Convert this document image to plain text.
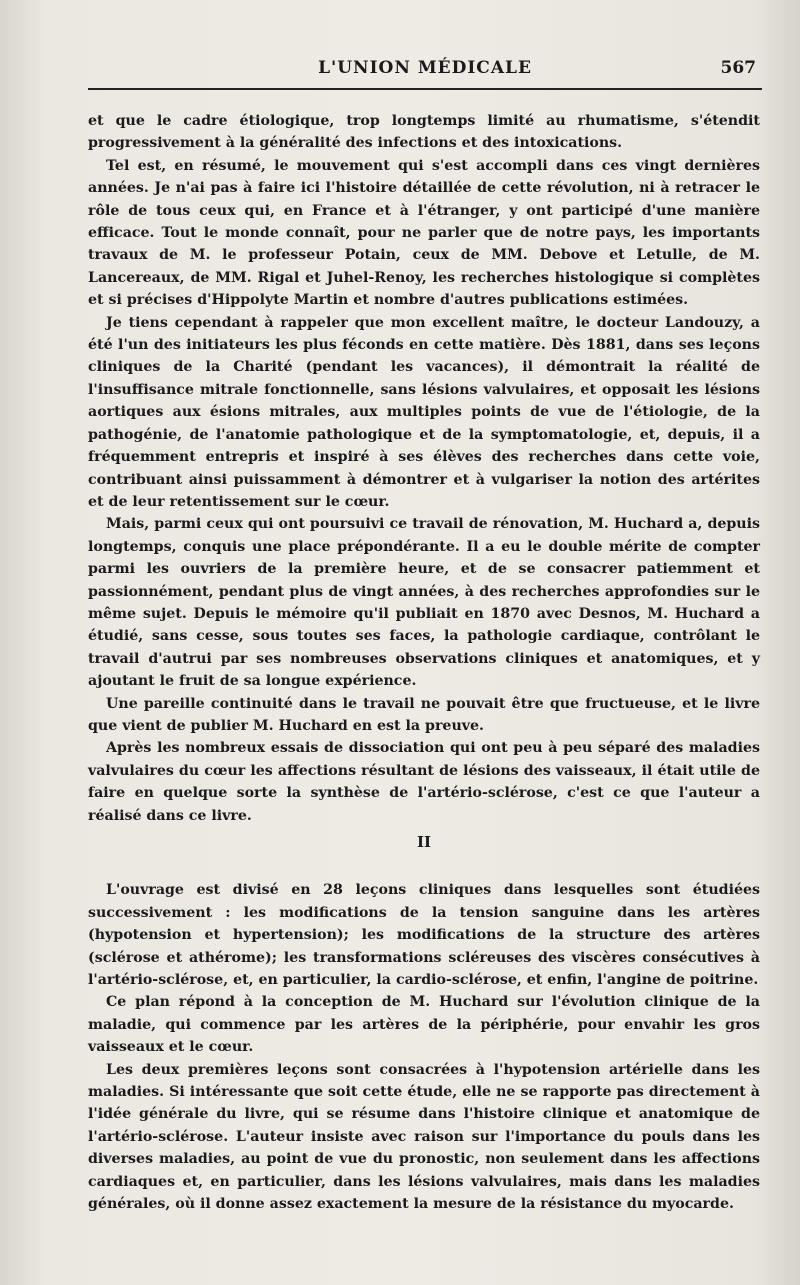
L'UNION MÉDICALE	567

et que le cadre étiologique, trop longtemps limité au rhumatisme, s'étendit progressivement à la généralité des infections et des intoxications.

Tel est, en résumé, le mouvement qui s'est accompli dans ces vingt dernières années. Je n'ai pas à faire ici l'histoire détaillée de cette révolution, ni à retracer le rôle de tous ceux qui, en France et à l'étranger, y ont participé d'une manière efficace. Tout le monde connaît, pour ne parler que de notre pays, les importants travaux de M. le professeur Potain, ceux de MM. Debove et Letulle, de M. Lancereaux, de MM. Rigal et Juhel-Renoy, les recherches histologique si complètes et si précises d'Hippolyte Martin et nombre d'autres publications estimées.

Je tiens cependant à rappeler que mon excellent maître, le docteur Landouzy, a été l'un des initiateurs les plus féconds en cette matière. Dès 1881, dans ses leçons cliniques de la Charité (pendant les vacances), il démontrait la réalité de l'insuffisance mitrale fonctionnelle, sans lésions valvulaires, et opposait les lésions aortiques aux ésions mitrales, aux multiples points de vue de l'étiologie, de la pathogénie, de l'anatomie pathologique et de la symptomatologie, et, depuis, il a fréquemment entrepris et inspiré à ses élèves des recherches dans cette voie, contribuant ainsi puissamment à démontrer et à vulgariser la notion des artérites et de leur retentissement sur le cœur.

Mais, parmi ceux qui ont poursuivi ce travail de rénovation, M. Huchard a, depuis longtemps, conquis une place prépondérante. Il a eu le double mérite de compter parmi les ouvriers de la première heure, et de se consacrer patiemment et passionnément, pendant plus de vingt années, à des recherches approfondies sur le même sujet. Depuis le mémoire qu'il publiait en 1870 avec Desnos, M. Huchard a étudié, sans cesse, sous toutes ses faces, la pathologie cardiaque, contrôlant le travail d'autrui par ses nombreuses observations cliniques et anatomiques, et y ajoutant le fruit de sa longue expérience.

Une pareille continuité dans le travail ne pouvait être que fructueuse, et le livre que vient de publier M. Huchard en est la preuve.

Après les nombreux essais de dissociation qui ont peu à peu séparé des maladies valvulaires du cœur les affections résultant de lésions des vaisseaux, il était utile de faire en quelque sorte la synthèse de l'artério-sclérose, c'est ce que l'auteur a réalisé dans ce livre.

II

L'ouvrage est divisé en 28 leçons cliniques dans lesquelles sont étudiées successivement : les modifications de la tension sanguine dans les artères (hypotension et hypertension); les modifications de la structure des artères (sclérose et athérome); les transformations scléreuses des viscères consécutives à l'artério-sclérose, et, en particulier, la cardio-sclérose, et enfin, l'angine de poitrine.

Ce plan répond à la conception de M. Huchard sur l'évolution clinique de la maladie, qui commence par les artères de la périphérie, pour envahir les gros vaisseaux et le cœur.

Les deux premières leçons sont consacrées à l'hypotension artérielle dans les maladies. Si intéressante que soit cette étude, elle ne se rapporte pas directement à l'idée générale du livre, qui se résume dans l'histoire clinique et anatomique de l'artério-sclérose. L'auteur insiste avec raison sur l'importance du pouls dans les diverses maladies, au point de vue du pronostic, non seulement dans les affections cardiaques et, en particulier, dans les lésions valvulaires, mais dans les maladies générales, où il donne assez exactement la mesure de la résistance du myocarde.
